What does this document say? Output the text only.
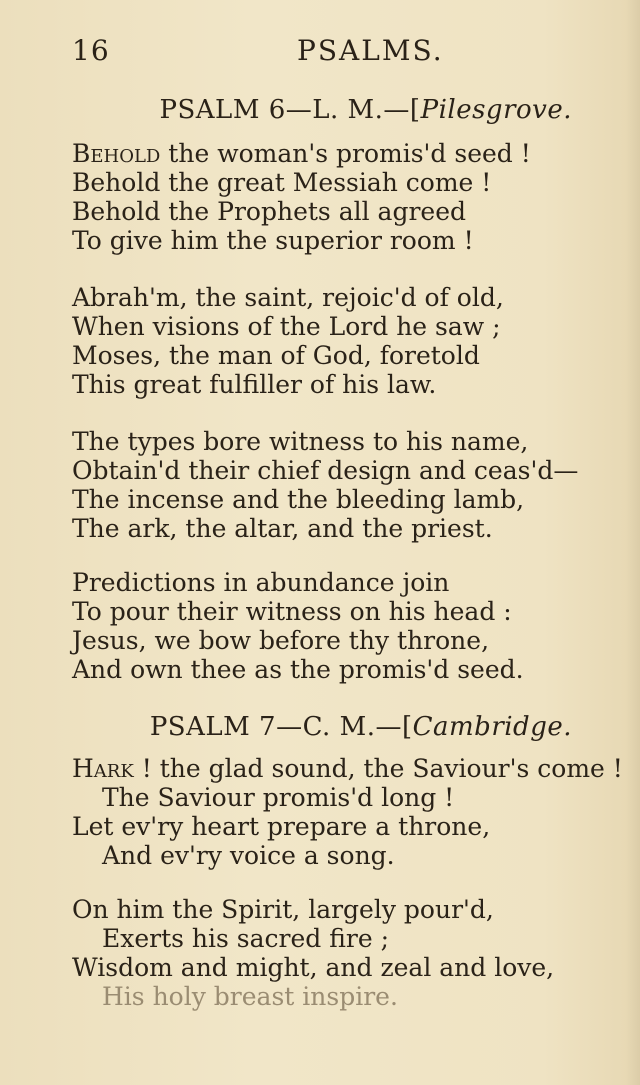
16	PSALMS.
PSALM 6—L. M.—[Pilesgrove.
Behold the woman's promis'd seed !
Behold the great Messiah come !
Behold the Prophets all agreed
To give him the superior room !
Abrah'm, the saint, rejoic'd of old,
When visions of the Lord he saw ;
Moses, the man of God, foretold
This great fulfiller of his law.
The types bore witness to his name,
Obtain'd their chief design and ceas'd—
The incense and the bleeding lamb,
The ark, the altar, and the priest.
Predictions in abundance join
To pour their witness on his head :
Jesus, we bow before thy throne,
And own thee as the promis'd seed.
PSALM 7—C. M.—[Cambridge.
Hark ! the glad sound, the Saviour's come !
The Saviour promis'd long !
Let ev'ry heart prepare a throne,
And ev'ry voice a song.
On him the Spirit, largely pour'd,
Exerts his sacred fire ;
Wisdom and might, and zeal and love,
His holy breast inspire.
